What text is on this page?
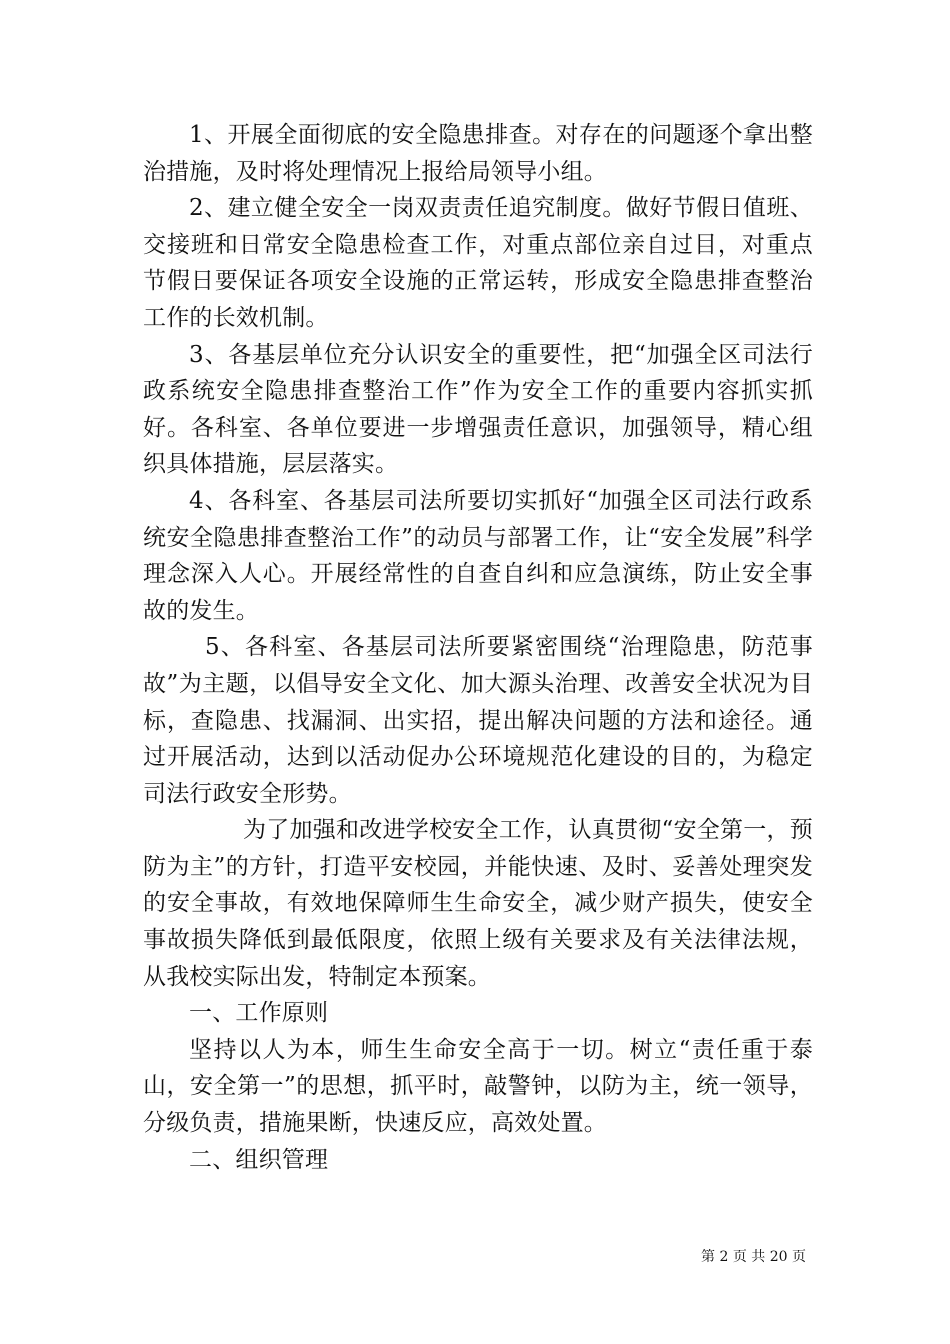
1、开展全面彻底的安全隐患排查。对存在的问题逐个拿出整治措施，及时将处理情况上报给局领导小组。

2、建立健全安全一岗双责责任追究制度。做好节假日值班、交接班和日常安全隐患检查工作，对重点部位亲自过目，对重点节假日要保证各项安全设施的正常运转，形成安全隐患排查整治工作的长效机制。

3、各基层单位充分认识安全的重要性，把“加强全区司法行政系统安全隐患排查整治工作”作为安全工作的重要内容抓实抓好。各科室、各单位要进一步增强责任意识，加强领导，精心组织具体措施，层层落实。

4、各科室、各基层司法所要切实抓好“加强全区司法行政系统安全隐患排查整治工作”的动员与部署工作，让“安全发展”科学理念深入人心。开展经常性的自查自纠和应急演练，防止安全事故的发生。

5、各科室、各基层司法所要紧密围绕“治理隐患，防范事故”为主题，以倡导安全文化、加大源头治理、改善安全状况为目标，查隐患、找漏洞、出实招，提出解决问题的方法和途径。通过开展活动，达到以活动促办公环境规范化建设的目的，为稳定司法行政安全形势。

为了加强和改进学校安全工作，认真贯彻“安全第一，预防为主”的方针，打造平安校园，并能快速、及时、妥善处理突发的安全事故，有效地保障师生生命安全，减少财产损失，使安全事故损失降低到最低限度，依照上级有关要求及有关法律法规，从我校实际出发，特制定本预案。

一、工作原则

坚持以人为本，师生生命安全高于一切。树立“责任重于泰山，安全第一”的思想，抓平时，敲警钟，以防为主，统一领导，分级负责，措施果断，快速反应，高效处置。

二、组织管理

第 2 页 共 20 页
